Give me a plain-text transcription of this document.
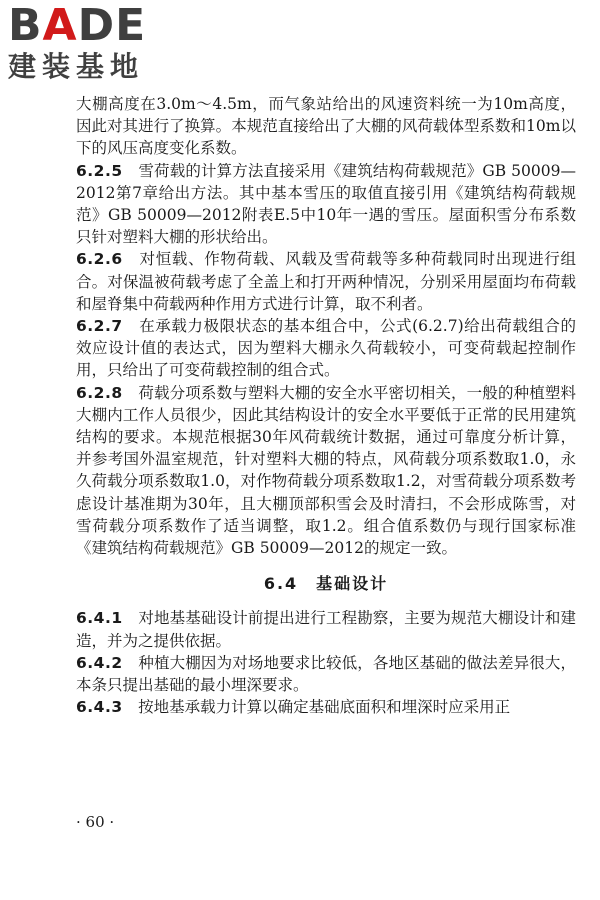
BADE
建装基地

大棚高度在3.0m～4.5m，而气象站给出的风速资料统一为10m高度，因此对其进行了换算。本规范直接给出了大棚的风荷载体型系数和10m以下的风压高度变化系数。

6.2.5　 雪荷载的计算方法直接采用《建筑结构荷载规范》GB 50009—2012第7章给出方法。其中基本雪压的取值直接引用《建筑结构荷载规范》GB 50009—2012附表E.5中10年一遇的雪压。屋面积雪分布系数只针对塑料大棚的形状给出。

6.2.6　 对恒载、作物荷载、风载及雪荷载等多种荷载同时出现进行组合。对保温被荷载考虑了全盖上和打开两种情况，分别采用屋面均布荷载和屋脊集中荷载两种作用方式进行计算，取不利者。

6.2.7　 在承载力极限状态的基本组合中，公式(6.2.7)给出荷载组合的效应设计值的表达式，因为塑料大棚永久荷载较小，可变荷载起控制作用，只给出了可变荷载控制的组合式。

6.2.8　 荷载分项系数与塑料大棚的安全水平密切相关，一般的种植塑料大棚内工作人员很少，因此其结构设计的安全水平要低于正常的民用建筑结构的要求。本规范根据30年风荷载统计数据，通过可靠度分析计算，并参考国外温室规范，针对塑料大棚的特点，风荷载分项系数取1.0，永久荷载分项系数取1.0，对作物荷载分项系数取1.2，对雪荷载分项系数考虑设计基准期为30年，且大棚顶部积雪会及时清扫，不会形成陈雪，对雪荷载分项系数作了适当调整，取1.2。组合值系数仍与现行国家标准《建筑结构荷载规范》GB 50009—2012的规定一致。

6.4　基础设计

6.4.1　 对地基基础设计前提出进行工程勘察，主要为规范大棚设计和建造，并为之提供依据。

6.4.2　 种植大棚因为对场地要求比较低，各地区基础的做法差异很大，本条只提出基础的最小埋深要求。

6.4.3　 按地基承载力计算以确定基础底面积和埋深时应采用正

· 60 ·
